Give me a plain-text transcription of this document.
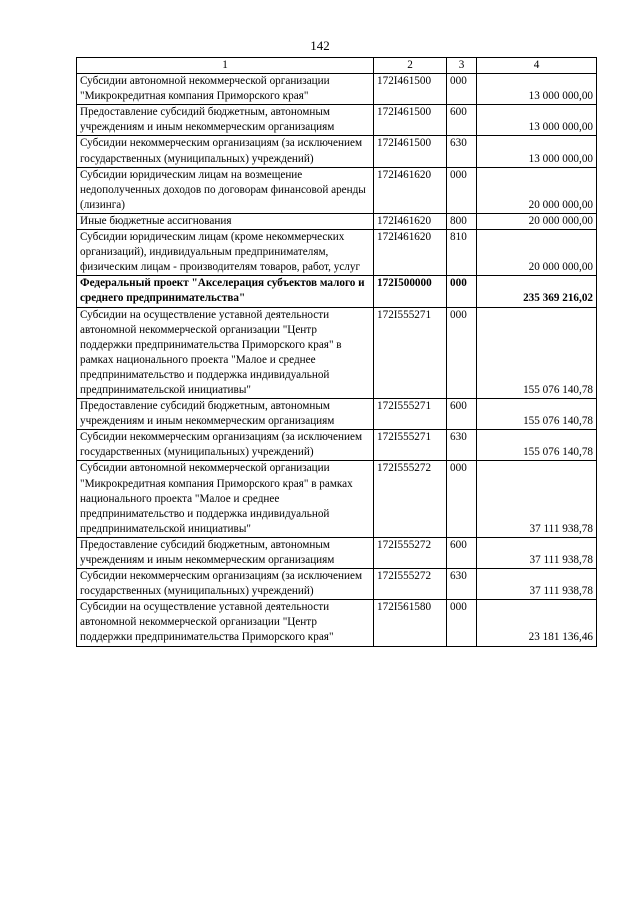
142
1	2	3	4
Субсидии автономной некоммерческой организации "Микрокредитная компания Приморского края"	172I461500	000	13 000 000,00
Предоставление субсидий бюджетным, автономным учреждениям и иным некоммерческим организациям	172I461500	600	13 000 000,00
Субсидии некоммерческим организациям (за исключением государственных (муниципальных) учреждений)	172I461500	630	13 000 000,00
Субсидии юридическим лицам на возмещение недополученных доходов по договорам финансовой аренды (лизинга)	172I461620	000	20 000 000,00
Иные бюджетные ассигнования	172I461620	800	20 000 000,00
Субсидии юридическим лицам (кроме некоммерческих организаций), индивидуальным предпринимателям, физическим лицам - производителям товаров, работ, услуг	172I461620	810	20 000 000,00
Федеральный проект "Акселерация субъектов малого и среднего предпринимательства"	172I500000	000	235 369 216,02
Субсидии на осуществление уставной деятельности автономной некоммерческой организации "Центр поддержки предпринимательства Приморского края" в рамках национального проекта "Малое и среднее предпринимательство и поддержка индивидуальной предпринимательской инициативы"	172I555271	000	155 076 140,78
Предоставление субсидий бюджетным, автономным учреждениям и иным некоммерческим организациям	172I555271	600	155 076 140,78
Субсидии некоммерческим организациям (за исключением государственных (муниципальных) учреждений)	172I555271	630	155 076 140,78
Субсидии автономной некоммерческой организации "Микрокредитная компания Приморского края" в рамках национального проекта "Малое и среднее предпринимательство и поддержка индивидуальной предпринимательской инициативы"	172I555272	000	37 111 938,78
Предоставление субсидий бюджетным, автономным учреждениям и иным некоммерческим организациям	172I555272	600	37 111 938,78
Субсидии некоммерческим организациям (за исключением государственных (муниципальных) учреждений)	172I555272	630	37 111 938,78
Субсидии на осуществление уставной деятельности автономной некоммерческой организации "Центр поддержки предпринимательства Приморского края"	172I561580	000	23 181 136,46
